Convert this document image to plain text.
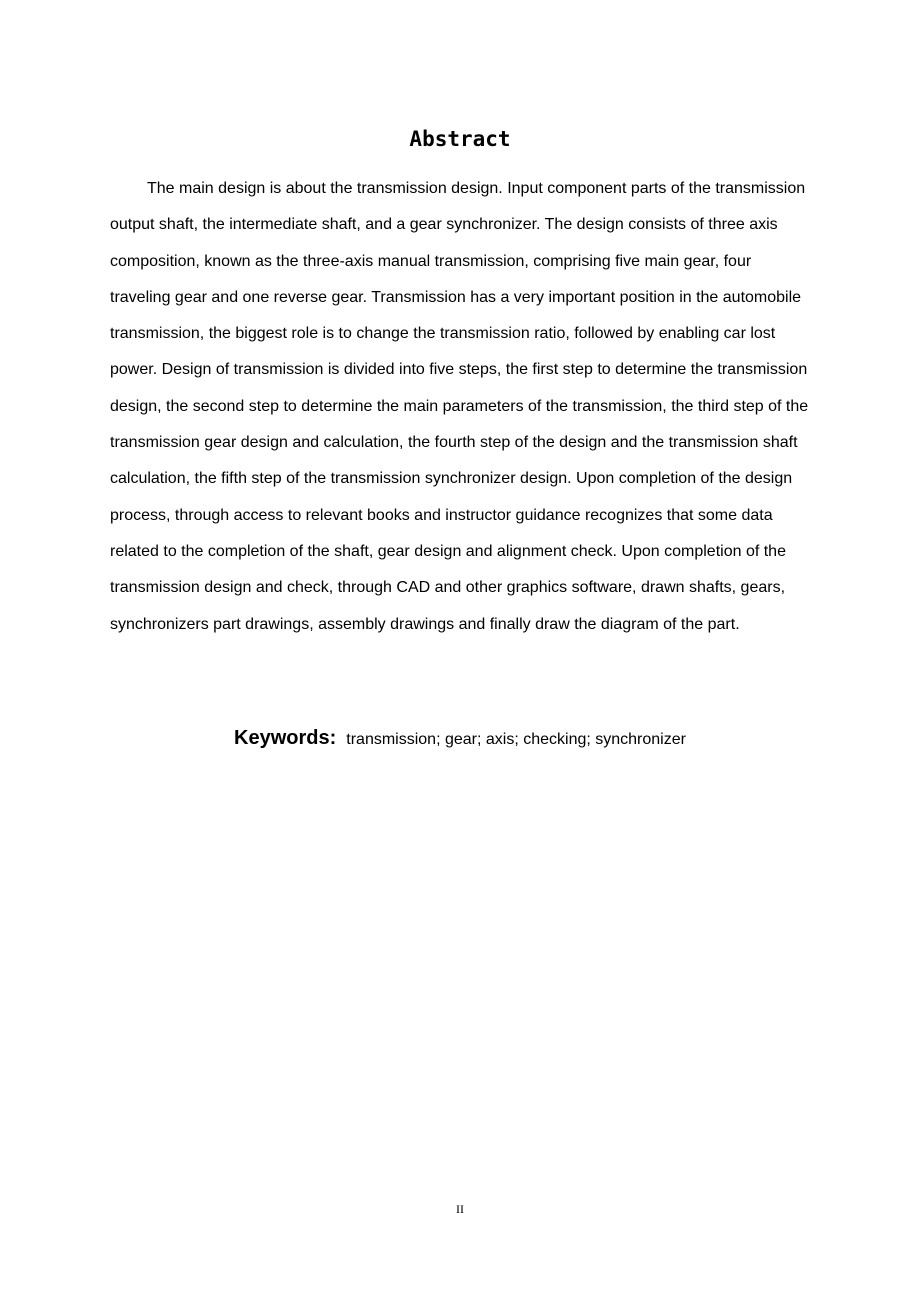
Abstract

The main design is about the transmission design. Input component parts of the transmission output shaft, the intermediate shaft, and a gear synchronizer. The design consists of three axis composition, known as the three-axis manual transmission, comprising five main gear, four traveling gear and one reverse gear. Transmission has a very important position in the automobile transmission, the biggest role is to change the transmission ratio, followed by enabling car lost power. Design of transmission is divided into five steps, the first step to determine the transmission design, the second step to determine the main parameters of the transmission, the third step of the transmission gear design and calculation, the fourth step of the design and the transmission shaft calculation, the fifth step of the transmission synchronizer design. Upon completion of the design process, through access to relevant books and instructor guidance recognizes that some data related to the completion of the shaft, gear design and alignment check. Upon completion of the transmission design and check, through CAD and other graphics software, drawn shafts, gears, synchronizers part drawings, assembly drawings and finally draw the diagram of the part.

Keywords: transmission; gear; axis; checking; synchronizer
II
